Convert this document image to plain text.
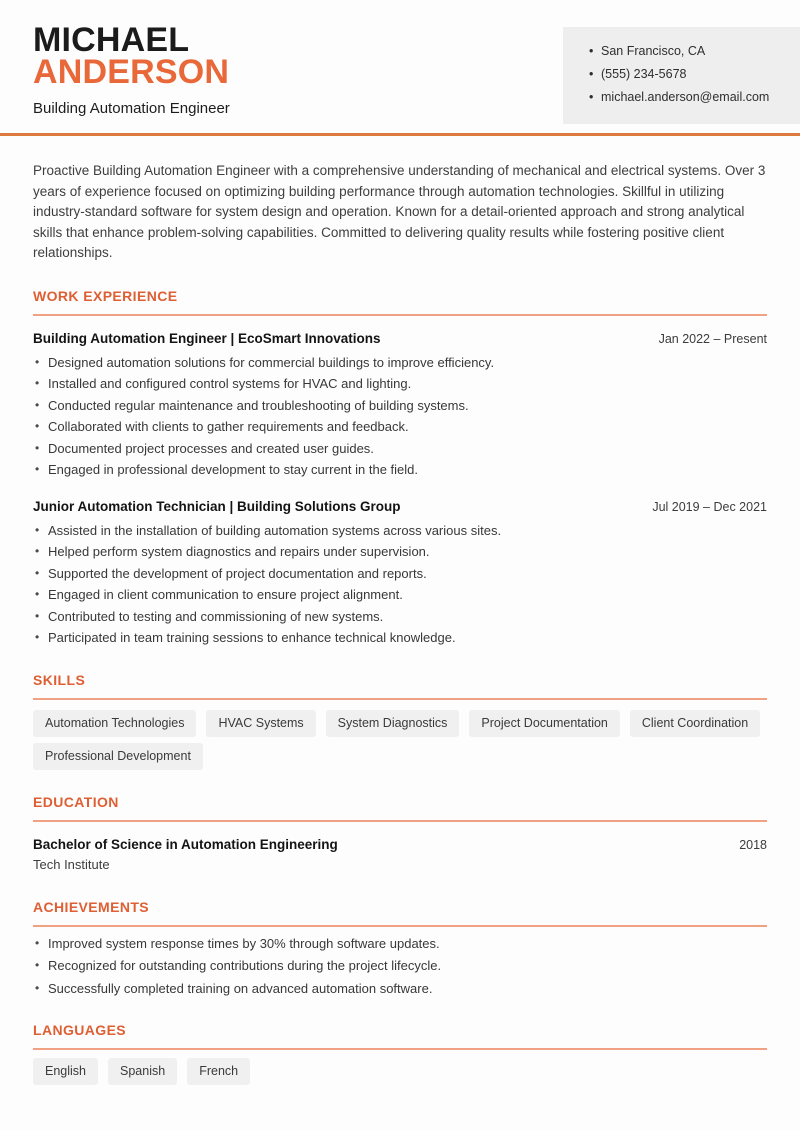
MICHAEL
ANDERSON
Building Automation Engineer
• San Francisco, CA
• (555) 234-5678
• michael.anderson@email.com

Proactive Building Automation Engineer with a comprehensive understanding of mechanical and electrical systems. Over 3 years of experience focused on optimizing building performance through automation technologies. Skillful in utilizing industry-standard software for system design and operation. Known for a detail-oriented approach and strong analytical skills that enhance problem-solving capabilities. Committed to delivering quality results while fostering positive client relationships.

WORK EXPERIENCE
Building Automation Engineer | EcoSmart Innovations	Jan 2022 – Present
• Designed automation solutions for commercial buildings to improve efficiency.
• Installed and configured control systems for HVAC and lighting.
• Conducted regular maintenance and troubleshooting of building systems.
• Collaborated with clients to gather requirements and feedback.
• Documented project processes and created user guides.
• Engaged in professional development to stay current in the field.
Junior Automation Technician | Building Solutions Group	Jul 2019 – Dec 2021
• Assisted in the installation of building automation systems across various sites.
• Helped perform system diagnostics and repairs under supervision.
• Supported the development of project documentation and reports.
• Engaged in client communication to ensure project alignment.
• Contributed to testing and commissioning of new systems.
• Participated in team training sessions to enhance technical knowledge.
SKILLS
Automation Technologies	HVAC Systems	System Diagnostics	Project Documentation	Client Coordination
Professional Development
EDUCATION
Bachelor of Science in Automation Engineering	2018
Tech Institute
ACHIEVEMENTS
• Improved system response times by 30% through software updates.
• Recognized for outstanding contributions during the project lifecycle.
• Successfully completed training on advanced automation software.
LANGUAGES
English	Spanish	French
